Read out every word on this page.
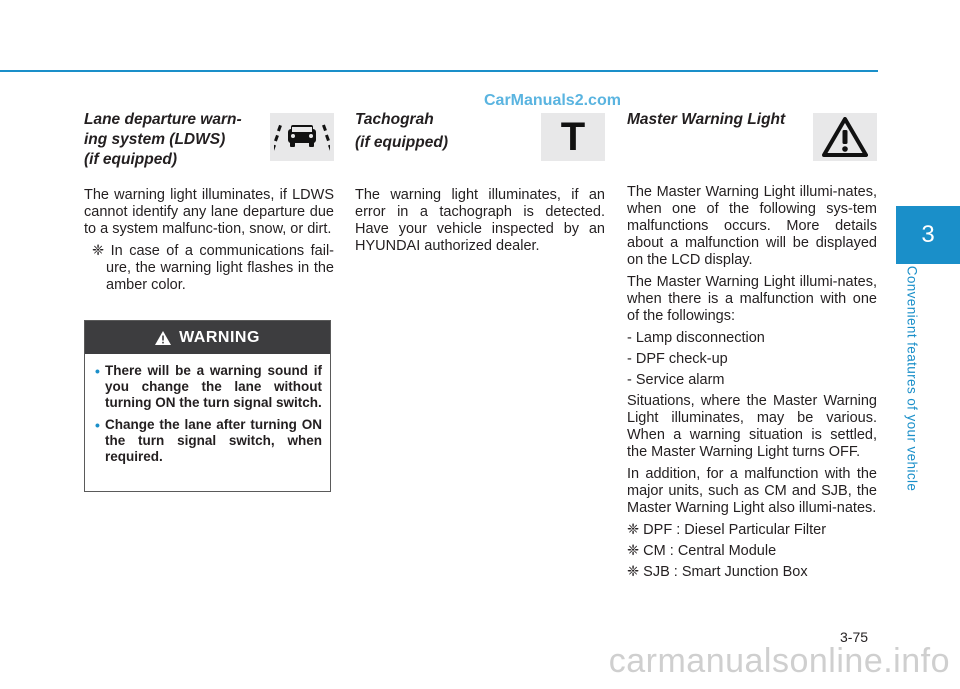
CarManuals2.com
3
Convenient features of your vehicle
Lane departure warn-
ing system (LDWS)
(if equipped)

The warning light illuminates, if LDWS cannot identify any lane departure due to a system malfunc-tion, snow, or dirt.

❈ In case of a communications fail-ure, the warning light flashes in the amber color.

WARNING
• There will be a warning sound if you change the lane without turning ON the turn signal switch.
• Change the lane after turning ON the turn signal switch, when required.
Tachograh
(if equipped)	T

The warning light illuminates, if an error in a tachograph is detected. Have your vehicle inspected by an HYUNDAI authorized dealer.

Master Warning Light

The Master Warning Light illumi-nates, when one of the following sys-tem malfunctions occurs. More details about a malfunction will be displayed on the LCD display.

The Master Warning Light illumi-nates, when there is a malfunction with one of the followings:

- Lamp disconnection

- DPF check-up

- Service alarm

Situations, where the Master Warning Light illuminates, may be various. When a warning situation is settled, the Master Warning Light turns OFF.

In addition, for a malfunction with the major units, such as CM and SJB, the Master Warning Light also illumi-nates.

❈ DPF : Diesel Particular Filter

❈ CM : Central Module

❈ SJB : Smart Junction Box

3-75
carmanualsonline.info
